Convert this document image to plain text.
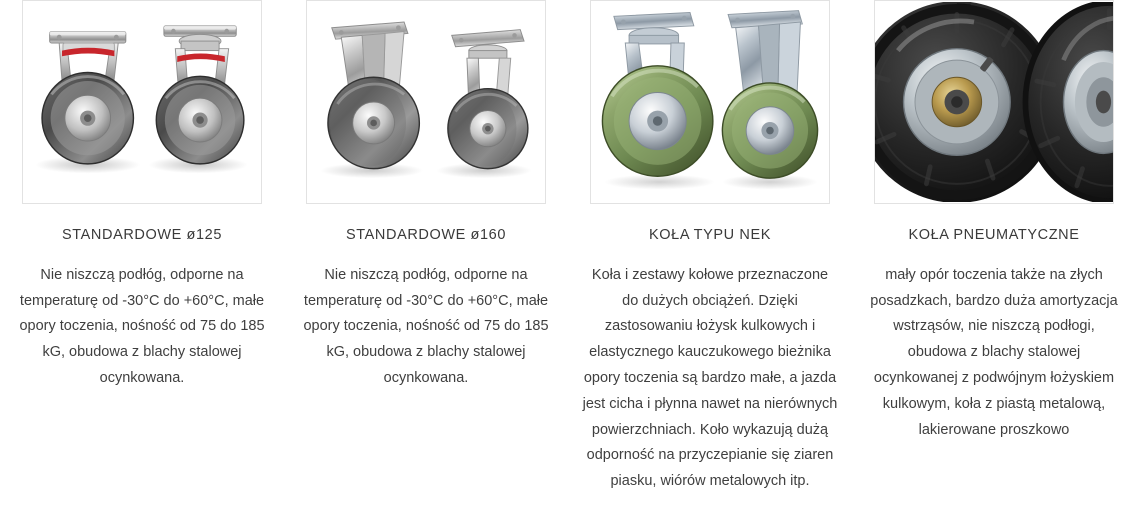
STANDARDOWE ø125

Nie niszczą podłóg, odporne na temperaturę od -30°C do +60°C, małe opory toczenia, nośność od 75 do 185 kG, obudowa z blachy stalowej ocynkowana.

STANDARDOWE ø160

Nie niszczą podłóg, odporne na temperaturę od -30°C do +60°C, małe opory toczenia, nośność od 75 do 185 kG, obudowa z blachy stalowej ocynkowana.

KOŁA TYPU NEK

Koła i zestawy kołowe przeznaczone do dużych obciążeń. Dzięki zastosowaniu łożysk kulkowych i elastycznego kauczukowego bieżnika opory toczenia są bardzo małe, a jazda jest cicha i płynna nawet na nierównych powierzchniach. Koło wykazują dużą odporność na przyczepianie się ziaren piasku, wiórów metalowych itp.

KOŁA PNEUMATYCZNE

mały opór toczenia także na złych posadzkach, bardzo duża amortyzacja wstrząsów, nie niszczą podłogi, obudowa z blachy stalowej ocynkowanej z podwójnym łożyskiem kulkowym, koła z piastą metalową, lakierowane proszkowo
